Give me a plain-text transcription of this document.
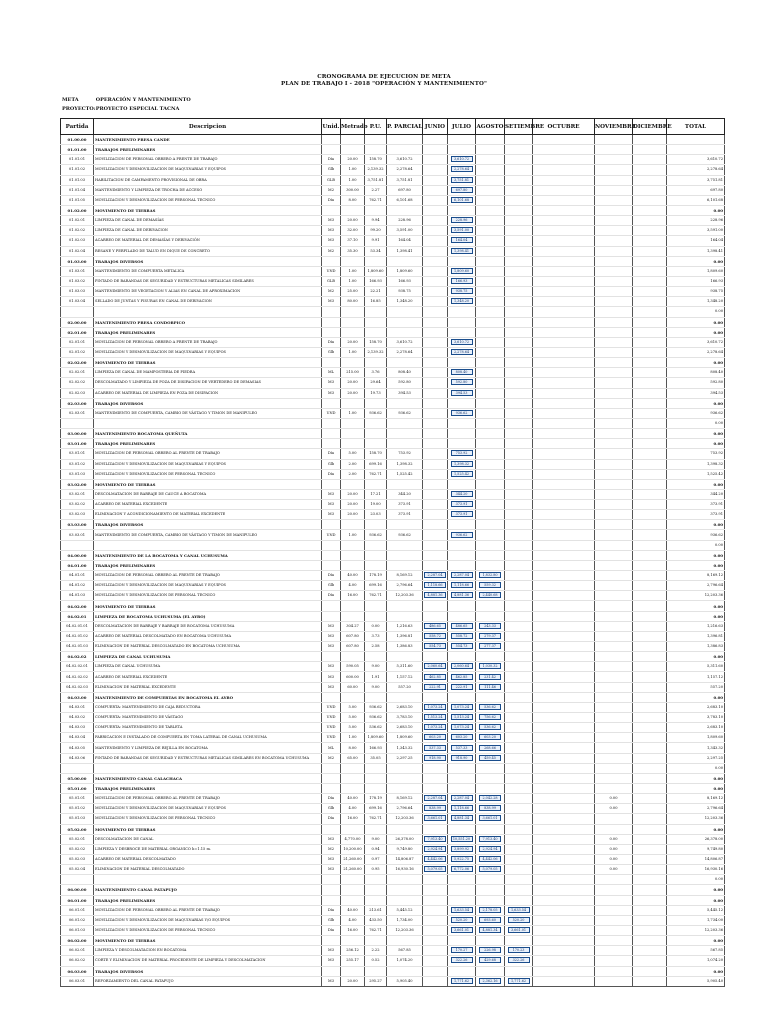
CRONOGRAMA DE EJECUCION DE META
PLAN DE TRABAJO I - 2018 "OPERACIÓN Y MANTENIMIENTO"
META	OPERACIÓN Y MANTENIMIENTO
PROYECTO: PROYECTO ESPECIAL TACNA
Partida	Descripcion	Unid.	Metrado	P.U.	P. PARCIAL	JUNIO	JULIO	AGOSTO	SETIEMBRE	OCTUBRE	NOVIEMBRE	DICIEMBRE	TOTAL
01.00.00	MANTENIMIENTO PRESA CANDE												
01.01.00	TRABAJOS PRELIMINARES												
01.01.01	MOVILIZACION DE PERSONAL OBRERO A FRENTE DE TRABAJO	Día	20.00	158.70	3,610.72		3,610.72						3,610.72
01.01.02	MOVILIZACION Y DESMOVILIZACION DE MAQUINARIAS Y EQUIPOS	Glb	1.00	2,139.32	2,278.64		2,278.64						2,278.64
01.01.03	HABILITACION DE CAMPAMENTO PROVISIONAL DE OBRA	GLB	1.00	3,751.81	3,751.81		3,751.81						3,751.81
01.01.04	MANTENIMIENTO Y LIMPIEZA DE TROCHA DE ACCESO	M2	300.00	2.27	697.80		697.80						697.80
01.01.05	MOVILIZACION Y DESMOVILIZACION DE PERSONAL TECNICO	Día	8.00	762.71	6,101.68		6,101.68						6,101.68
01.02.00	MOVIMIENTO DE TIERRAS												0.00
01.02.01	LIMPIEZA DE CANAL DE DEMASÍAS	M3	20.00	9.94	228.96		228.96						228.96
01.02.02	LIMPIEZA DE CANAL DE DERIVACION	M3	32.00	99.20	3,591.00		3,591.00						3,591.00
01.02.03	ACARREO DE MATERIAL DE DEMASÍAS Y DERIVACIÓN	M3	37.10	9.91	164.04		164.04						164.04
01.02.04	RESANE Y PERFILADO DE TALUD EN DIQUE DE CONCRETO	M2	35.30	53.34	1,398.41		1,398.41						1,398.41
01.03.00	TRABAJOS DIVERSOS												0.00
01.03.01	MANTENIMIENTO DE COMPUERTA METALICA	UND	1.00	1,809.60	1,809.60		1,809.60						1,809.60
01.03.02	PINTADO DE BARANDAS DE SEGURIDAD Y ESTRUCTURAS METALICAS SIMILARES	GLB	1.00	166.93	166.93		166.93						166.93
01.03.03	MANTENIMIENTO DE VEGETACION Y ALIAS EN CANAL DE APROXIMACION	M2	25.00	22.21	938.75		938.75						938.75
01.03.04	SELLADO DE JUNTAS Y FISURAS EN CANAL DE DERIVACION	M3	80.00	16.85	1,348.20		1,348.20						1,348.20
													0.00
02.00.00	MANTENIMIENTO PRESA CONDORPICO												0.00
02.01.00	TRABAJOS PRELIMINARES												0.00
02.01.01	MOVILIZACION DE PERSONAL OBRERO A FRENTE DE TRABAJO	Día	20.00	158.70	3,610.72		3,610.72						3,610.72
02.01.02	MOVILIZACION Y DESMOVILIZACION DE MAQUINARIAS Y EQUIPOS	Glb	1.00	2,139.32	2,278.64		2,278.64						2,278.64
02.02.00	MOVIMIENTO DE TIERRAS												0.00
02.02.01	LIMPIEZA DE CANAL DE MAMPOSTERIA DE PIEDRA	ML	215.00	3.76	808.40		808.40						808.40
02.02.02	DESCOLMATADO Y LIMPIEZA DE POZA DE DISIPACION DE VERTEDERO DE DEMASIAS	M3	20.00	29.64	592.80		592.80						592.80
02.02.03	ACARREO DE MATERIAL DE LIMPIEZA EN POZA DE DISIPACION	M3	20.00	19.73	394.53		394.53						394.53
02.03.00	TRABAJOS DIVERSOS												0.00
02.03.01	MANTENIMIENTO DE COMPUERTA, CAMBIO DE VÁSTAGO Y TIMON DE MANIPULEO	UND	1.00	936.62	936.62		936.62						936.62
													0.00
03.00.00	MANTENIMIENTO BOCATOMA QUEÑUTA												0.00
03.01.00	TRABAJOS PRELIMINARES												0.00
03.01.01	MOVILIZACION DE PERSONAL OBRERO AL FRENTE DE TRABAJO	Día	5.00	158.70	753.92		753.92						753.92
03.01.02	MOVILIZACION Y DESMOVILIZACION DE MAQUINARIAS Y EQUIPOS	Glb	2.00	699.16	1,398.32		1,398.32						1,398.32
03.01.03	MOVILIZACION Y DESMOVILIZACION DE PERSONAL TECNICO	Día	2.00	762.71	1,525.42		1,525.42						1,525.42
03.02.00	MOVIMIENTO DE TIERRAS												0.00
03.02.01	DESCOLMATACION DE BARRAJE DE CAUCE A BOCATOMA	M3	20.00	17.21	344.20		344.20						344.20
03.02.02	ACARREO DE MATERIAL EXCEDENTE	M3	20.00	19.00	373.91		373.91						373.91
03.02.03	ELIMINACION Y ACONDICIONAMIENTO DE MATERIAL EXCEDENTE	M3	20.00	23.03	373.91		373.91						373.91
03.03.00	TRABAJOS DIVERSOS												0.00
03.03.01	MANTENIMIENTO DE COMPUERTA, CAMBIO DE VÁSTAGO Y TIMON DE MANIPULEO	UND	1.00	936.62	936.62		936.62						936.62
													0.00
04.00.00	MANTENIMIENTO DE LA BOCATOMA Y CANAL UCHUSUMA												0.00
04.01.00	TRABAJOS PRELIMINARES												0.00
04.01.01	MOVILIZACION DE PERSONAL OBRERO AL FRENTE DE TRABAJO	Día	40.00	178.19	8,169.12	2,287.04	2,287.04	1,832.80					8,169.12
04.01.02	MOVILIZACION Y DESMOVILIZACION DE MAQUINARIAS Y EQUIPOS	Glb	4.00	699.16	2,796.64	1,118.66	1,118.66	559.32					2,796.64
04.01.03	MOVILIZACION Y DESMOVILIZACION DE PERSONAL TECNICO	Día	16.00	762.71	12,203.36	4,881.36	4,881.36	2,440.68					12,203.36
04.02.00	MOVIMIENTO DE TIERRAS												0.00
04.02.01	LIMPIEZA DE BOCATOMA UCHUSUMA (EL AYRO)												0.00
04.02.01.01	DESCOLMATACION DE BARRAJE Y BARRAJE DE BOCATOMA UCHUSUMA	M3	304.27	0.00	1,216.63	486.65	486.65	243.33					1,216.63
04.02.01.02	ACARREO DE MATERIAL DESCOLMATADO EN BOCATOMA UCHUSUMA	M3	607.80	3.73	1,396.81	558.72	558.72	279.37					1,396.81
04.02.01.03	ELIMINACION DE MATERIAL DESCOLMATADO EN BOCATOMA UCHUSUMA	M3	607.80	2.58	1,386.83	554.73	554.73	277.37					1,386.83
04.02.02	LIMPIEZA DE CANAL UCHUSUMA												0.00
04.02.02.01	LIMPIEZA DE CANAL UCHUSUMA	M3	590.05	9.00	5,311.60	2,060.64	2,060.64	1,030.32					5,311.60
04.02.02.02	ACARREO DE MATERIAL EXCEDENTE	M3	600.00	1.91	1,157.12	462.85	462.85	231.42					1,157.12
04.02.02.03	ELIMINACION DE MATERIAL EXCEDENTE	M3	60.00	9.00	557.20	222.91	222.91	111.46					557.20
04.03.00	MANTENIMIENTO DE COMPUERTAS EN BOCATOMA EL AYRO												0.00
04.03.01	COMPUERTA: MANTENIMIENTO DE CAJA REDUCTORA	UND	5.00	936.62	2,683.10	1,073.24	1,073.24	536.62					2,683.10
04.03.02	COMPUERTA: MANTENIMIENTO DE VÁSTAGO	UND	5.00	936.62	3,783.10	1,513.24	1,513.24	756.62					3,783.10
04.03.03	COMPUERTA: MANTENIMIENTO DE TABLETA	UND	5.00	536.62	2,683.10	1,073.24	1,073.24	536.62					2,683.10
04.03.04	FABRICACION E INSTALADO DE COMPUERTA EN TOMA LATERAL DE CANAL UCHUSUMA	UND	1.00	1,809.60	1,809.60	603.20	603.20	603.20					1,809.60
04.03.05	MANTENIMIENTO Y LIMPIEZA DE REJILLA EN BOCATOMA	ML	8.00	166.93	1,343.32	537.33	537.33	268.66					1,343.32
04.03.06	PINTADO DE BARANDAS DE SEGURIDAD Y ESTRUCTURAS METALICAS SIMILARES EN BOCATOMA UCHUSUMA	M2	65.00	35.05	2,297.25	918.90	918.90	459.45					2,297.25
													0.00
05.00.00	MANTENIMIENTO CANAL CALACHACA												0.00
05.01.00	TRABAJOS PRELIMINARES												0.00
05.01.01	MOVILIZACION DE PERSONAL OBRERO AL FRENTE DE TRABAJO	Día	40.00	178.19	8,169.12	2,287.04	2,287.04	2,042.28			0.00		8,169.12
05.01.02	MOVILIZACION Y DESMOVILIZACION DE MAQUINARIAS Y EQUIPOS	Glb	4.00	699.16	2,796.64	838.99	1,118.66	838.99			0.00		2,796.64
05.01.03	MOVILIZACION Y DESMOVILIZACION DE PERSONAL TECNICO	Día	16.00	762.71	12,203.36	3,661.01	4,881.34	3,661.01					12,203.36
05.02.00	MOVIMIENTO DE TIERRAS												0.00
05.02.01	DESCOLMATACION DE CANAL	M3	4,770.00	9.00	26,378.00	7,913.40	10,551.20	7,913.40			0.00		26,378.00
05.02.02	LIMPIEZA Y DESBROCE DE MATERIAL ORGANICO h=1.15 m.	M2	10,200.00	0.94	9,749.80	2,924.94	3,899.92	2,924.94			0.00		9,749.80
05.02.03	ACARREO DE MATERIAL DESCOLMATADO	M3	21,260.00	0.97	14,806.87	4,442.06	5,922.75	4,442.06			0.00		14,806.87
05.02.04	ELIMINACION DE MATERIAL DESCOLMATADO	M3	21,260.00	0.95	16,930.16	5,079.05	6,772.06	5,079.05			0.00		16,930.16
													0.00
06.00.00	MANTENIMIENTO CANAL PATAPUJO												0.00
06.01.00	TRABAJOS PRELIMINARES												0.00
06.01.01	MOVILIZACION DE PERSONAL OBRERO AL FRENTE DE TRABAJO	Día	40.00	213.61	5,445.12		1,633.54	2,178.05	1,633.54				5,445.12
06.01.02	MOVILIZACION Y DESMOVILIZACION DE MAQUINARIAS Y/O EQUIPOS	Glb	4.00	433.50	1,734.00		520.20	693.60	520.20				1,734.00
06.01.03	MOVILIZACION Y DESMOVILIZACION DE PERSONAL TECNICO	Día	16.00	762.71	12,203.36		3,661.01	4,881.34	3,661.01				12,203.36
06.02.00	MOVIMIENTO DE TIERRAS												0.00
06.02.01	LIMPIEZA Y DESCOLMATACION EN BOCATOMA	M3	256.12	2.22	567.85		170.27	226.98	170.23				567.85
06.02.02	CORTE Y ELIMINACION DE MATERIAL PROCEDENTE DE LIMPIEZA Y DESCOLMATACION	M3	255.17	0.52	1,074.20		322.26	429.68	322.26				1,074.20
06.03.00	TRABAJOS DIVERSOS												0.00
06.03.01	REFORZAMIENTO DEL CANAL PATAPUJO	M3	20.00	295.27	5,905.40		1,771.62	2,362.16	1,771.62				5,905.40
